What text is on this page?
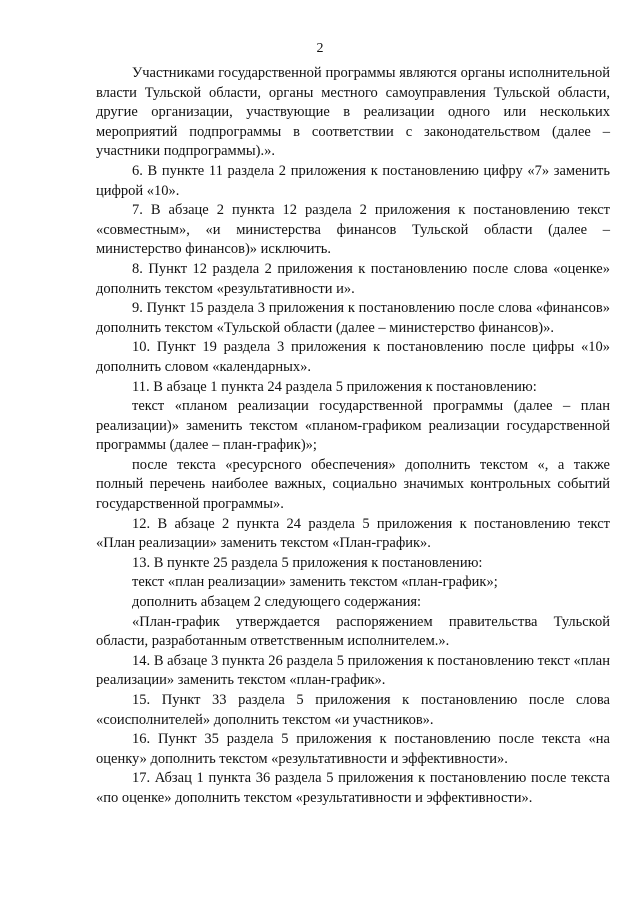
2

Участниками государственной программы являются органы исполнительной власти Тульской области, органы местного самоуправления Тульской области, другие организации, участвующие в реализации одного или нескольких мероприятий подпрограммы в соответствии с законодательством (далее – участники подпрограммы).».

6. В пункте 11 раздела 2 приложения к постановлению цифру «7» заменить цифрой «10».

7. В абзаце 2 пункта 12 раздела 2 приложения к постановлению текст «совместным», «и министерства финансов Тульской области (далее – министерство финансов)» исключить.

8. Пункт 12 раздела 2 приложения к постановлению после слова «оценке» дополнить текстом «результативности и».

9. Пункт 15 раздела 3 приложения к постановлению после слова «финансов» дополнить текстом «Тульской области (далее – министерство финансов)».

10. Пункт 19 раздела 3 приложения к постановлению после цифры «10» дополнить словом «календарных».

11. В абзаце 1 пункта 24 раздела 5 приложения к постановлению:

текст «планом реализации государственной программы (далее – план реализации)» заменить текстом «планом-графиком реализации государственной программы (далее – план-график)»;

после текста «ресурсного обеспечения» дополнить текстом «, а также полный перечень наиболее важных, социально значимых контрольных событий государственной программы».

12. В абзаце 2 пункта 24 раздела 5 приложения к постановлению текст «План реализации» заменить текстом «План-график».

13. В пункте 25 раздела 5 приложения к постановлению:

текст «план реализации» заменить текстом «план-график»;

дополнить абзацем 2 следующего содержания:

«План-график утверждается распоряжением правительства Тульской области, разработанным ответственным исполнителем.».

14. В абзаце 3 пункта 26 раздела 5 приложения к постановлению текст «план реализации» заменить текстом «план-график».

15. Пункт 33 раздела 5 приложения к постановлению после слова «соисполнителей» дополнить текстом «и участников».

16. Пункт 35 раздела 5 приложения к постановлению после текста «на оценку» дополнить текстом «результативности и эффективности».

17. Абзац 1 пункта 36 раздела 5 приложения к постановлению после текста «по оценке» дополнить текстом «результативности и эффективности».
